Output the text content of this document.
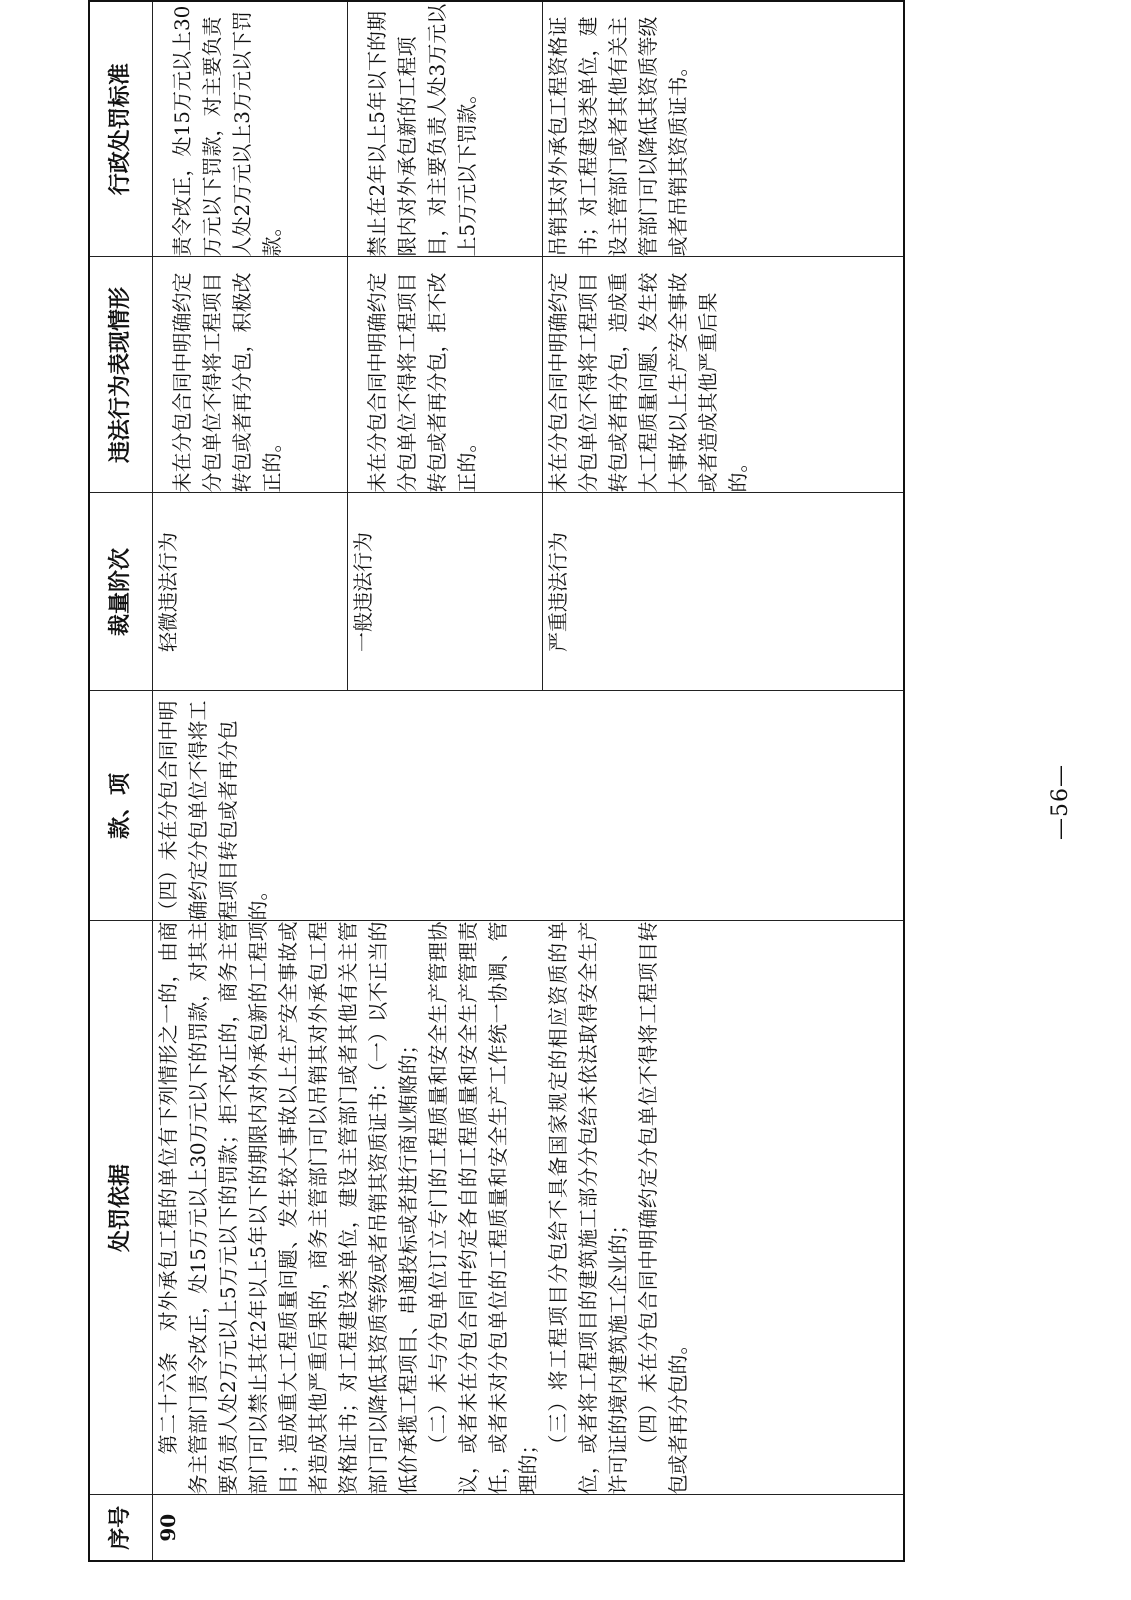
序号	处罚依据	款、项	裁量阶次	违法行为表现情形	行政处罚标准
90	第二十六条　对外承包工程的单位有下列情形之一的，由商务主管部门责令改正，处15万元以上30万元以下的罚款，对其主要负责人处2万元以上5万元以下的罚款；拒不改正的，商务主管部门可以禁止其在2年以上5年以下的期限内对外承包新的工程项目；造成重大工程质量问题、发生较大事故以上生产安全事故或者造成其他严重后果的，商务主管部门可以吊销其对外承包工程资格证书；对工程建设类单位，建设主管部门或者其他有关主管部门可以降低其资质等级或者吊销其资质证书：（一）以不正当的低价承揽工程项目、串通投标或者进行商业贿赂的； （二）未与分包单位订立专门的工程质量和安全生产管理协议，或者未在分包合同中约定各自的工程质量和安全生产管理责任，或者未对分包单位的工程质量和安全生产工作统一协调、管理的；

（三）将工程项目分包给不具备国家规定的相应资质的单位，或者将工程项目的建筑施工部分分包给未依法取得安全生产许可证的境内建筑施工企业的； （四）未在分包合同中明确约定分包单位不得将工程项目转包或者再分包的。	（四）未在分包合同中明确约定分包单位不得将工程项目转包或者再分包的。	轻微违法行为	未在分包合同中明确约定分包单位不得将工程项目转包或者再分包，积极改正的。	责令改正，处15万元以上30万元以下罚款，对主要负责人处2万元以上3万元以下罚款。
			一般违法行为	未在分包合同中明确约定分包单位不得将工程项目转包或者再分包，拒不改正的。	禁止在2年以上5年以下的期限内对外承包新的工程项目，对主要负责人处3万元以上5万元以下罚款。
			严重违法行为	未在分包合同中明确约定分包单位不得将工程项目转包或者再分包，造成重大工程质量问题、发生较大事故以上生产安全事故或者造成其他严重后果的。	吊销其对外承包工程资格证书；对工程建设类单位，建设主管部门或者其他有关主管部门可以降低其资质等级或者吊销其资质证书。
—56—
